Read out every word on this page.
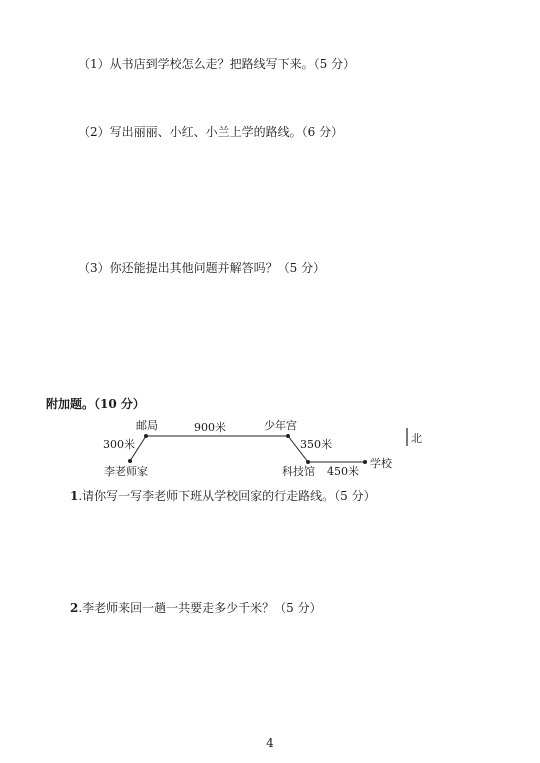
（1）从书店到学校怎么走？把路线写下来。（5 分）
（2）写出丽丽、小红、小兰上学的路线。（6 分）
（3）你还能提出其他问题并解答吗？（5 分）
附加题。（10 分）
邮局	900米	少年宫
300米	350米
李老师家	科技馆 450米
学校
北
1.请你写一写李老师下班从学校回家的行走路线。（5 分）
2.李老师来回一趟一共要走多少千米？（5 分）
4
